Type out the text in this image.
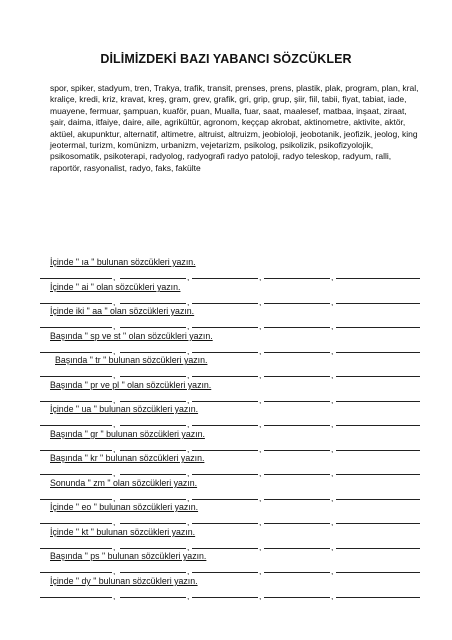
DİLİMİZDEKİ BAZI YABANCI SÖZCÜKLER
spor, spiker, stadyum, tren, Trakya, trafik, transit, prenses, prens, plastik, plak, program, plan, kral, kraliçe, kredi, kriz, kravat, kreş, gram, grev, grafik, gri, grip, grup, şiir, fiil, tabii, fiyat, tabiat, iade, muayene, fermuar, şampuan, kuaför, puan, Mualla, fuar, saat, maalesef, matbaa, inşaat, ziraat, şair, daima, itfaiye, daire, aile, agrikültür, agronom, keççap akrobat, aktinometre, aktivite, aktör, aktüel, akupunktur, alternatif, altimetre, altruist, altruizm, jeobioloji, jeobotanik, jeofizik, jeolog, king jeotermal, turizm, komünizm, urbanizm, vejetarizm, psikolog, psikolizik, psikofizyolojik, psikosomatik, psikoterapi, radyolog, radyografi radyo patoloji, radyo teleskop, radyum, ralli, raportör, rasyonalist, radyo, faks, fakülte
İçinde " ıa " bulunan sözcükleri yazın.
,	,	,	,
İçinde " ai " olan sözcükleri yazın.
,	,	,	,
İçinde iki " aa " olan sözcükleri yazın.
,	,	,	,
Başında " sp ve st " olan sözcükleri yazın.
,	,	,	,
Başında " tr " bulunan sözcükleri yazın.
,	,	,	,
Başında " pr ve pl " olan sözcükleri yazın.
,	,	,	,
İçinde " ua " bulunan sözcükleri yazın.
,	,	,	,
Başında " gr " bulunan sözcükleri yazın.
,	,	,	,
Başında " kr " bulunan sözcükleri yazın.
,	,	,	,
Sonunda " zm " olan sözcükleri yazın.
,	,	,	,
İçinde " eo " bulunan sözcükleri yazın.
,	,	,	,
İçinde " kt " bulunan sözcükleri yazın.
,	,	,	,
Başında " ps " bulunan sözcükleri yazın.
,	,	,	,
İçinde " dy " bulunan sözcükleri yazın.
,	,	,	,
